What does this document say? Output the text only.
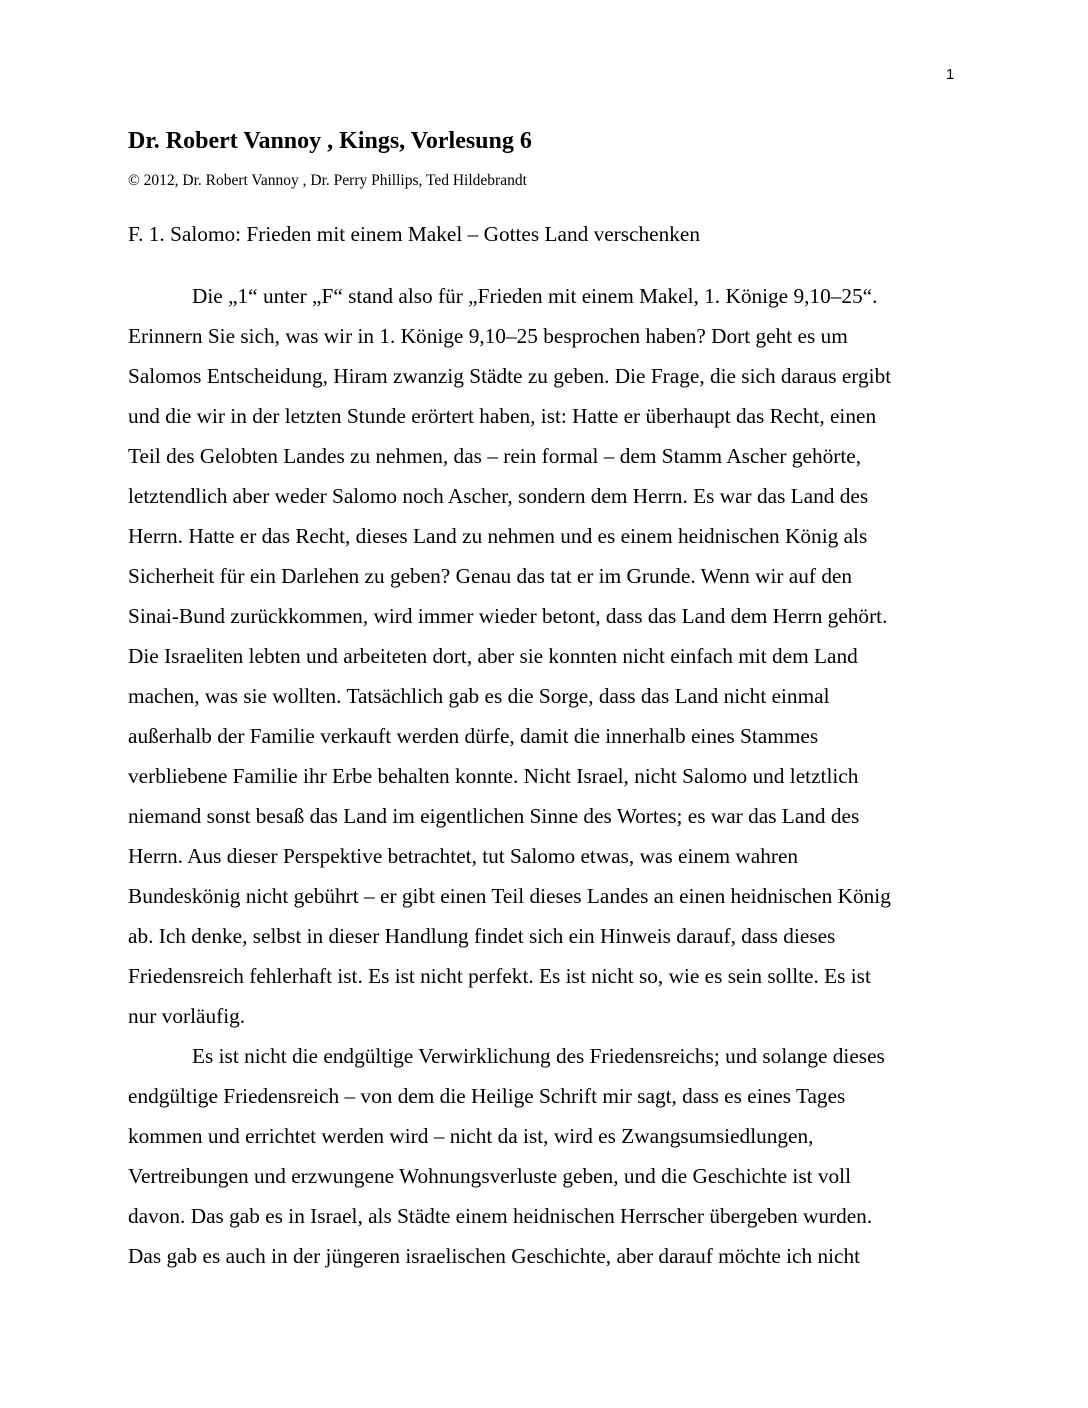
1
Dr. Robert Vannoy , Kings, Vorlesung 6
© 2012, Dr. Robert Vannoy , Dr. Perry Phillips, Ted Hildebrandt
F. 1. Salomo: Frieden mit einem Makel – Gottes Land verschenken

Die „1“ unter „F“ stand also für „Frieden mit einem Makel, 1. Könige 9,10–25“.
Erinnern Sie sich, was wir in 1. Könige 9,10–25 besprochen haben? Dort geht es um
Salomos Entscheidung, Hiram zwanzig Städte zu geben. Die Frage, die sich daraus ergibt
und die wir in der letzten Stunde erörtert haben, ist: Hatte er überhaupt das Recht, einen
Teil des Gelobten Landes zu nehmen, das – rein formal – dem Stamm Ascher gehörte,
letztendlich aber weder Salomo noch Ascher, sondern dem Herrn. Es war das Land des
Herrn. Hatte er das Recht, dieses Land zu nehmen und es einem heidnischen König als
Sicherheit für ein Darlehen zu geben? Genau das tat er im Grunde. Wenn wir auf den
Sinai-Bund zurückkommen, wird immer wieder betont, dass das Land dem Herrn gehört.
Die Israeliten lebten und arbeiteten dort, aber sie konnten nicht einfach mit dem Land
machen, was sie wollten. Tatsächlich gab es die Sorge, dass das Land nicht einmal
außerhalb der Familie verkauft werden dürfe, damit die innerhalb eines Stammes
verbliebene Familie ihr Erbe behalten konnte. Nicht Israel, nicht Salomo und letztlich
niemand sonst besaß das Land im eigentlichen Sinne des Wortes; es war das Land des
Herrn. Aus dieser Perspektive betrachtet, tut Salomo etwas, was einem wahren
Bundeskönig nicht gebührt – er gibt einen Teil dieses Landes an einen heidnischen König
ab. Ich denke, selbst in dieser Handlung findet sich ein Hinweis darauf, dass dieses
Friedensreich fehlerhaft ist. Es ist nicht perfekt. Es ist nicht so, wie es sein sollte. Es ist
nur vorläufig.

Es ist nicht die endgültige Verwirklichung des Friedensreichs; und solange dieses
endgültige Friedensreich – von dem die Heilige Schrift mir sagt, dass es eines Tages
kommen und errichtet werden wird – nicht da ist, wird es Zwangsumsiedlungen,
Vertreibungen und erzwungene Wohnungsverluste geben, und die Geschichte ist voll
davon. Das gab es in Israel, als Städte einem heidnischen Herrscher übergeben wurden.
Das gab es auch in der jüngeren israelischen Geschichte, aber darauf möchte ich nicht
